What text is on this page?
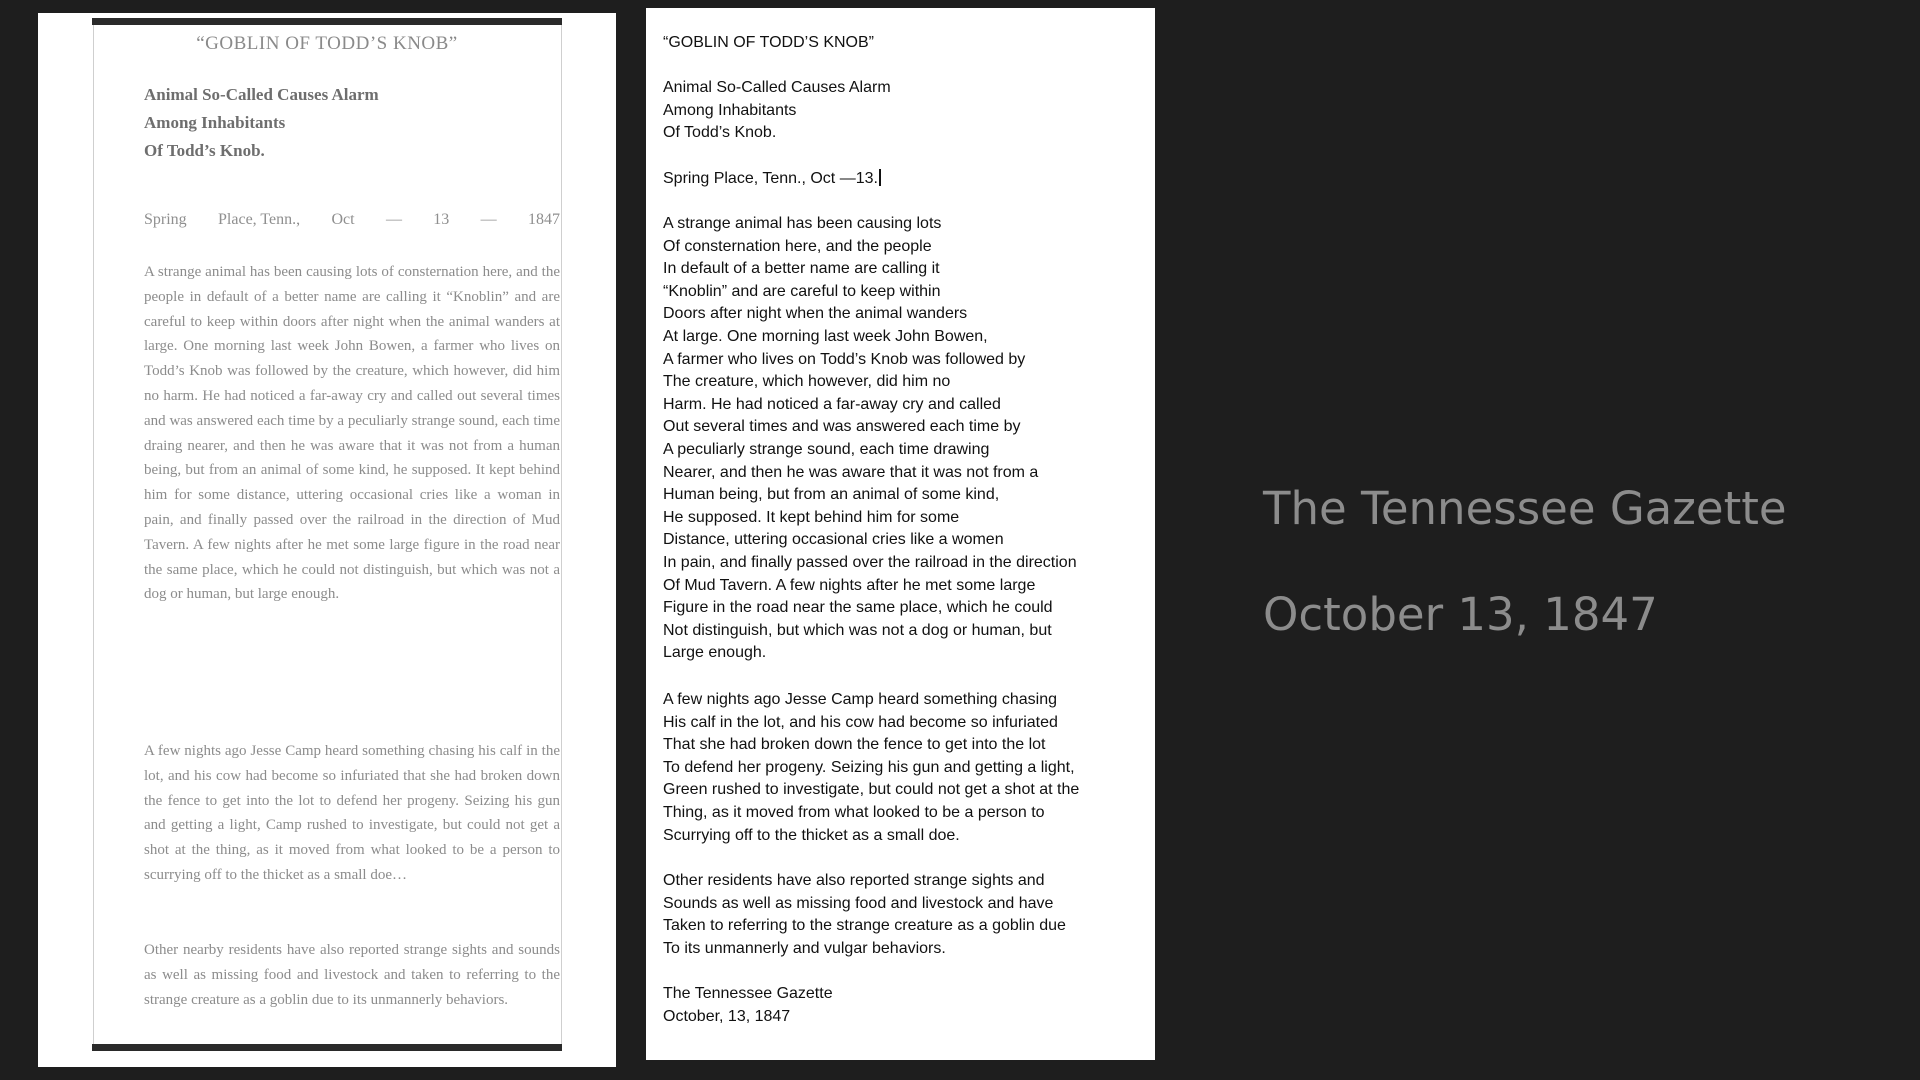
“GOBLIN OF TODD’S KNOB”
Animal So-Called Causes Alarm
Among Inhabitants
Of Todd’s Knob.
Spring Place, Tenn., Oct — 13 — 1847

A strange animal has been causing lots of consternation here, and the people in default of a better name are calling it “Knoblin” and are careful to keep within doors after night when the animal wanders at large. One morning last week John Bowen, a farmer who lives on Todd’s Knob was followed by the creature, which however, did him no harm. He had noticed a far-away cry and called out several times and was answered each time by a peculiarly strange sound, each time draing nearer, and then he was aware that it was not from a human being, but from an animal of some kind, he supposed. It kept behind him for some distance, uttering occasional cries like a woman in pain, and finally passed over the railroad in the direction of Mud Tavern. A few nights after he met some large figure in the road near the same place, which he could not distinguish, but which was not a dog or human, but large enough.

A few nights ago Jesse Camp heard something chasing his calf in the lot, and his cow had become so infuriated that she had broken down the fence to get into the lot to defend her progeny. Seizing his gun and getting a light, Camp rushed to investigate, but could not get a shot at the thing, as it moved from what looked to be a person to scurrying off to the thicket as a small doe…

Other nearby residents have also reported strange sights and sounds as well as missing food and livestock and taken to referring to the strange creature as a goblin due to its unmannerly behaviors.

“GOBLIN OF TODD’S KNOB”
Animal So-Called Causes Alarm
Among Inhabitants
Of Todd’s Knob.
Spring Place, Tenn., Oct —13.
A strange animal has been causing lots
Of consternation here, and the people
In default of a better name are calling it
“Knoblin” and are careful to keep within
Doors after night when the animal wanders
At large. One morning last week John Bowen,
A farmer who lives on Todd’s Knob was followed by
The creature, which however, did him no
Harm. He had noticed a far-away cry and called
Out several times and was answered each time by
A peculiarly strange sound, each time drawing
Nearer, and then he was aware that it was not from a
Human being, but from an animal of some kind,
He supposed. It kept behind him for some
Distance, uttering occasional cries like a women
In pain, and finally passed over the railroad in the direction
Of Mud Tavern. A few nights after he met some large
Figure in the road near the same place, which he could
Not distinguish, but which was not a dog or human, but
Large enough.
A few nights ago Jesse Camp heard something chasing
His calf in the lot, and his cow had become so infuriated
That she had broken down the fence to get into the lot
To defend her progeny. Seizing his gun and getting a light,
Green rushed to investigate, but could not get a shot at the
Thing, as it moved from what looked to be a person to
Scurrying off to the thicket as a small doe.
Other residents have also reported strange sights and
Sounds as well as missing food and livestock and have
Taken to referring to the strange creature as a goblin due
To its unmannerly and vulgar behaviors.
The Tennessee Gazette
October, 13, 1847
The Tennessee Gazette
October 13, 1847
